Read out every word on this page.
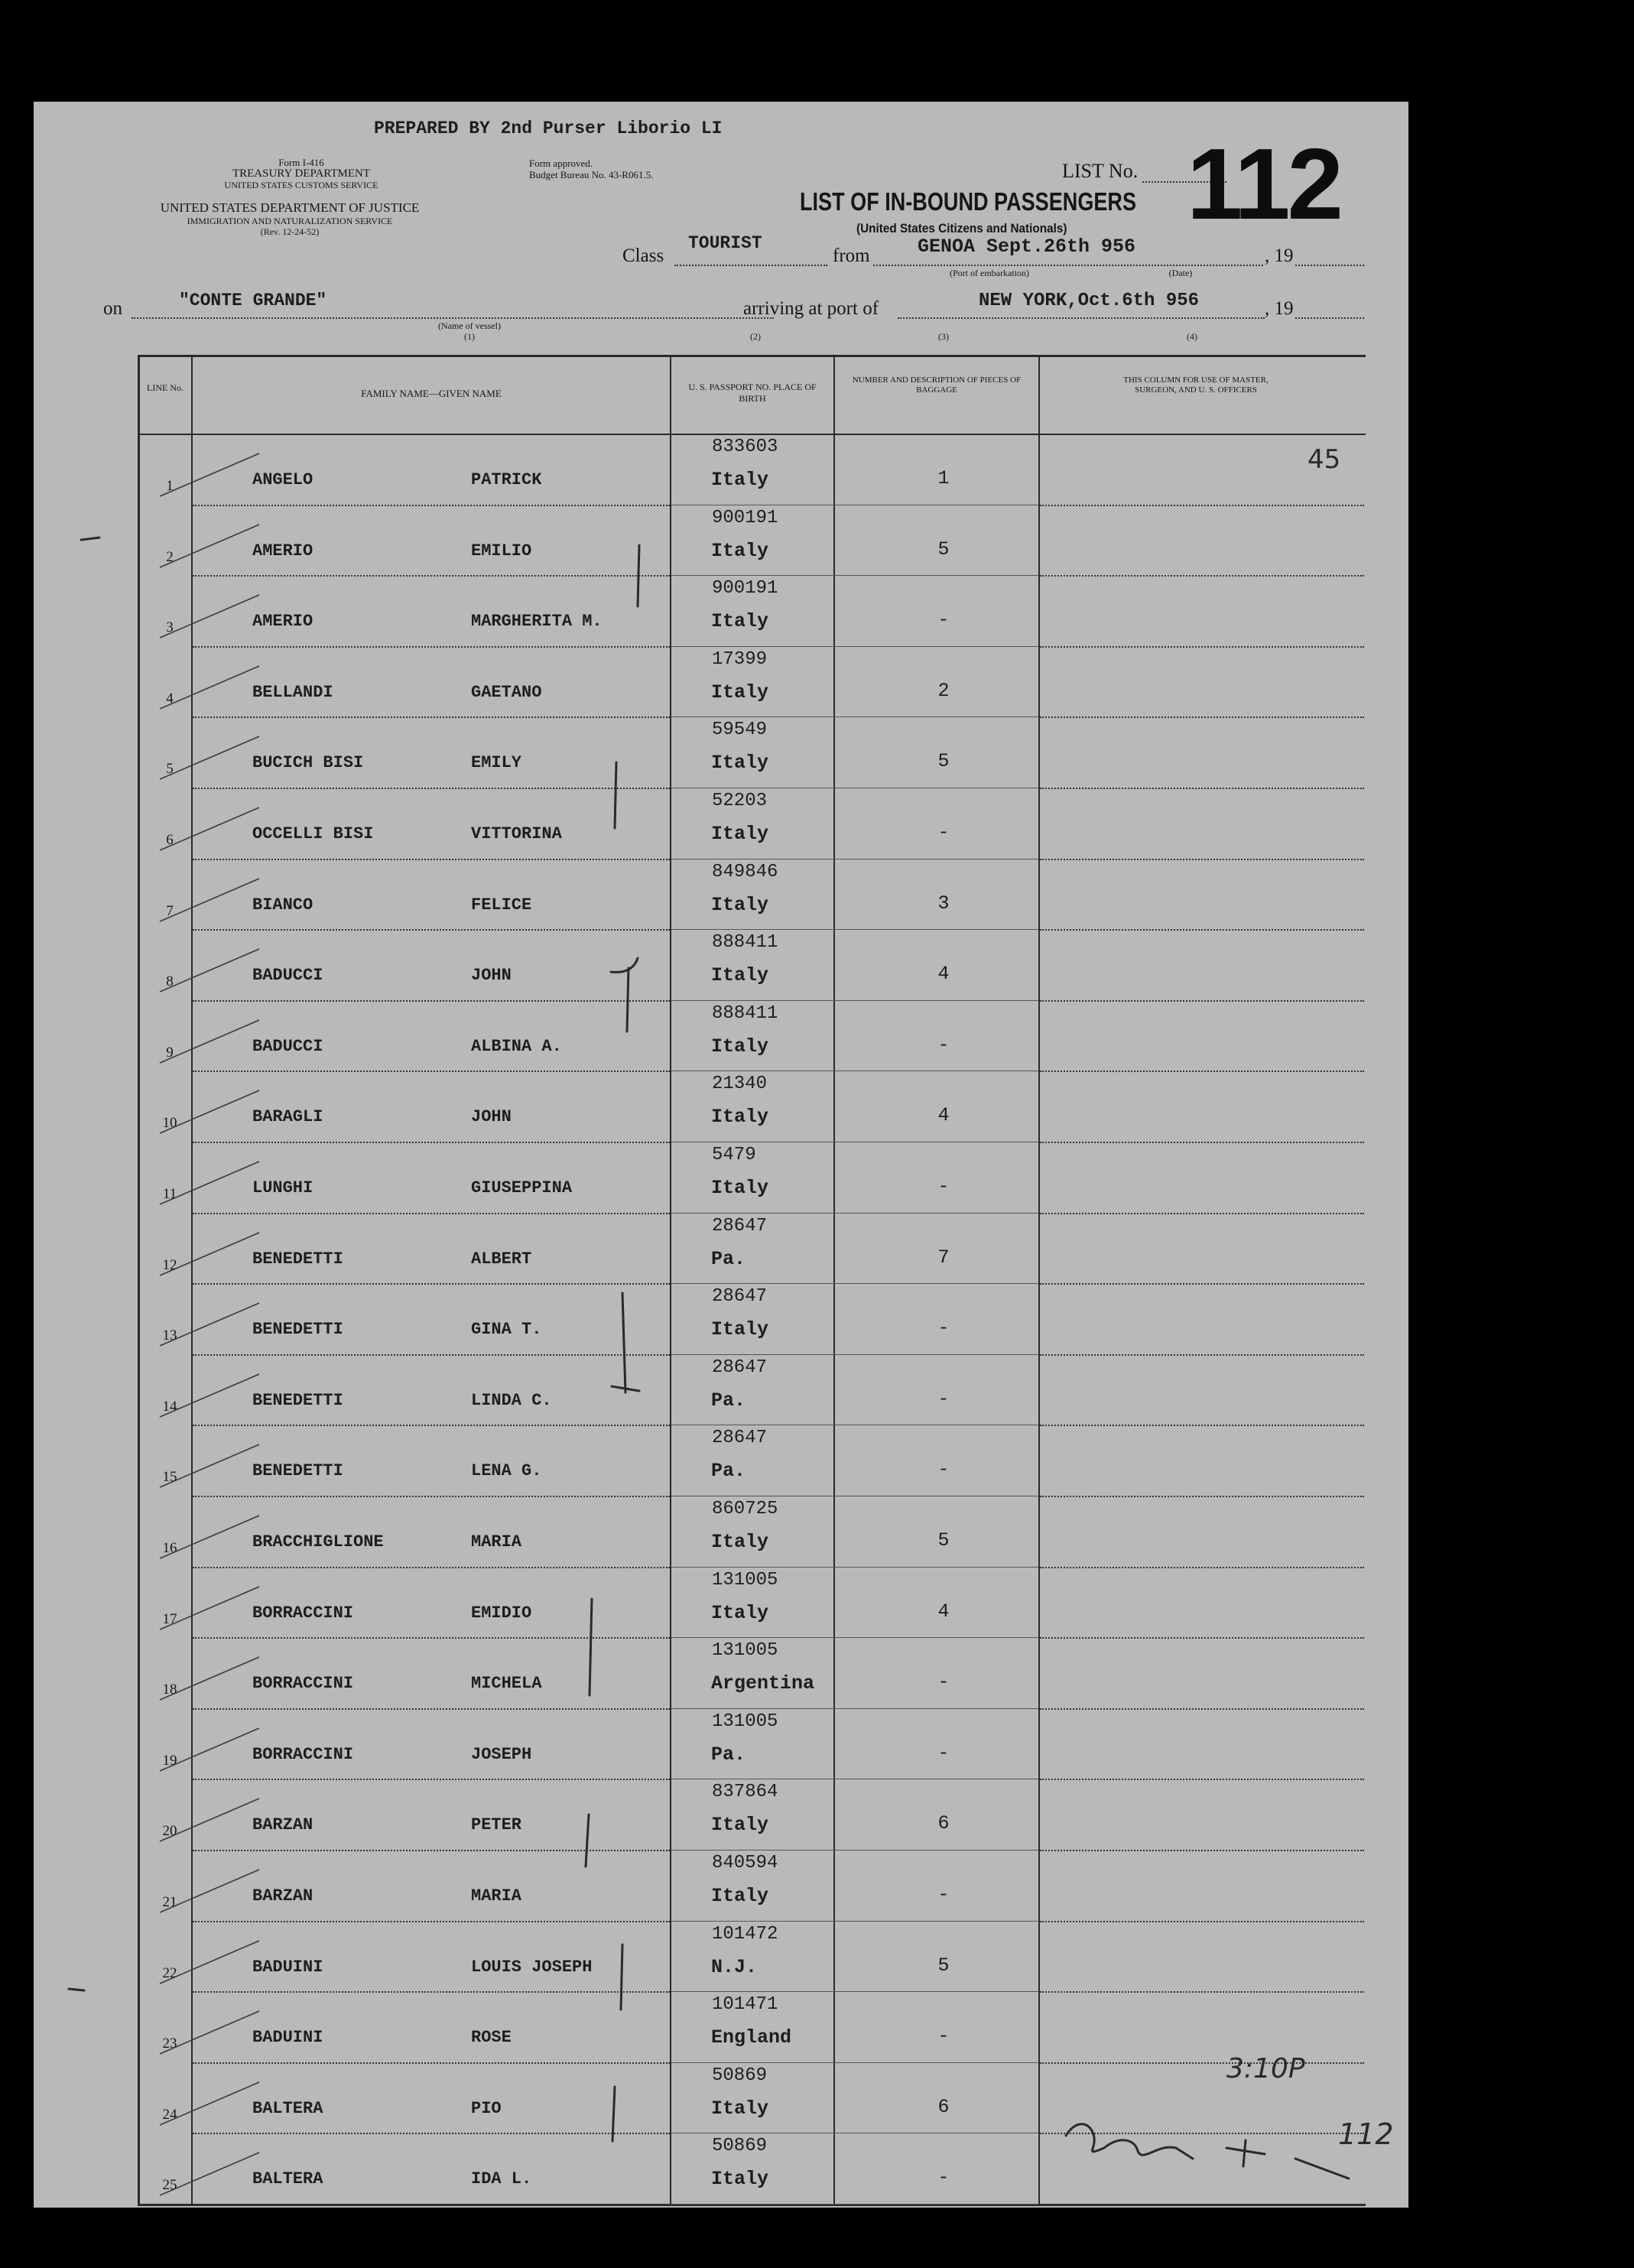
PREPARED BY 2nd Purser Liborio LI
Form I-416
TREASURY DEPARTMENT
UNITED STATES CUSTOMS SERVICE
UNITED STATES DEPARTMENT OF JUSTICE
IMMIGRATION AND NATURALIZATION SERVICE
(Rev. 12-24-52)
Form approved.
Budget Bureau No. 43-R061.5.	LIST No. 112
LIST OF IN-BOUND PASSENGERS
(United States Citizens and Nationals)
Class
TOURIST
from GENOA Sept.26th 956	, 19
(Port of embarkation)	(Date)
on	"CONTE GRANDE"	arriving at port of	NEW YORK,Oct.6th 956	, 19
(Name of vessel)
(1)	(2)	(3)	(4)
LINE No.	FAMILY NAME—GIVEN NAME
U. S. PASSPORT NO. PLACE OF BIRTH
NUMBER AND DESCRIPTION OF PIECES OF BAGGAGE
THIS COLUMN FOR USE OF MASTER, SURGEON, AND U. S. OFFICERS
1	ANGELO	PATRICK
833603
Italy	1
2	AMERIO	EMILIO
900191
Italy	5
3	AMERIO	MARGHERITA M.
900191
Italy	-
4	BELLANDI	GAETANO
17399
Italy	2
5	BUCICH BISI	EMILY
59549
Italy	5
6	OCCELLI BISI	VITTORINA
52203
Italy	-
7	BIANCO	FELICE
849846
Italy	3
8	BADUCCI	JOHN
888411
Italy	4
9	BADUCCI	ALBINA A.
888411
Italy	-
10	BARAGLI	JOHN
21340
Italy	4
11	LUNGHI	GIUSEPPINA
5479
Italy	-
12	BENEDETTI	ALBERT
28647
Pa.	7
13	BENEDETTI	GINA T.
28647
Italy	-
14	BENEDETTI	LINDA C.
28647
Pa.	-
15	BENEDETTI	LENA G.
28647
Pa.	-
16	BRACCHIGLIONE	MARIA
860725
Italy	5
17	BORRACCINI	EMIDIO
131005
Italy	4
18	BORRACCINI	MICHELA
131005
Argentina	-
19	BORRACCINI	JOSEPH
131005
Pa.	-
20	BARZAN	PETER
837864
Italy	6
21	BARZAN	MARIA
840594
Italy	-
22	BADUINI	LOUIS JOSEPH
101472
N.J.	5
23	BADUINI	ROSE
101471
England	-
24	BALTERA	PIO
50869
Italy	6
25	BALTERA	IDA L.
50869
Italy	-
45
3:10P
112
